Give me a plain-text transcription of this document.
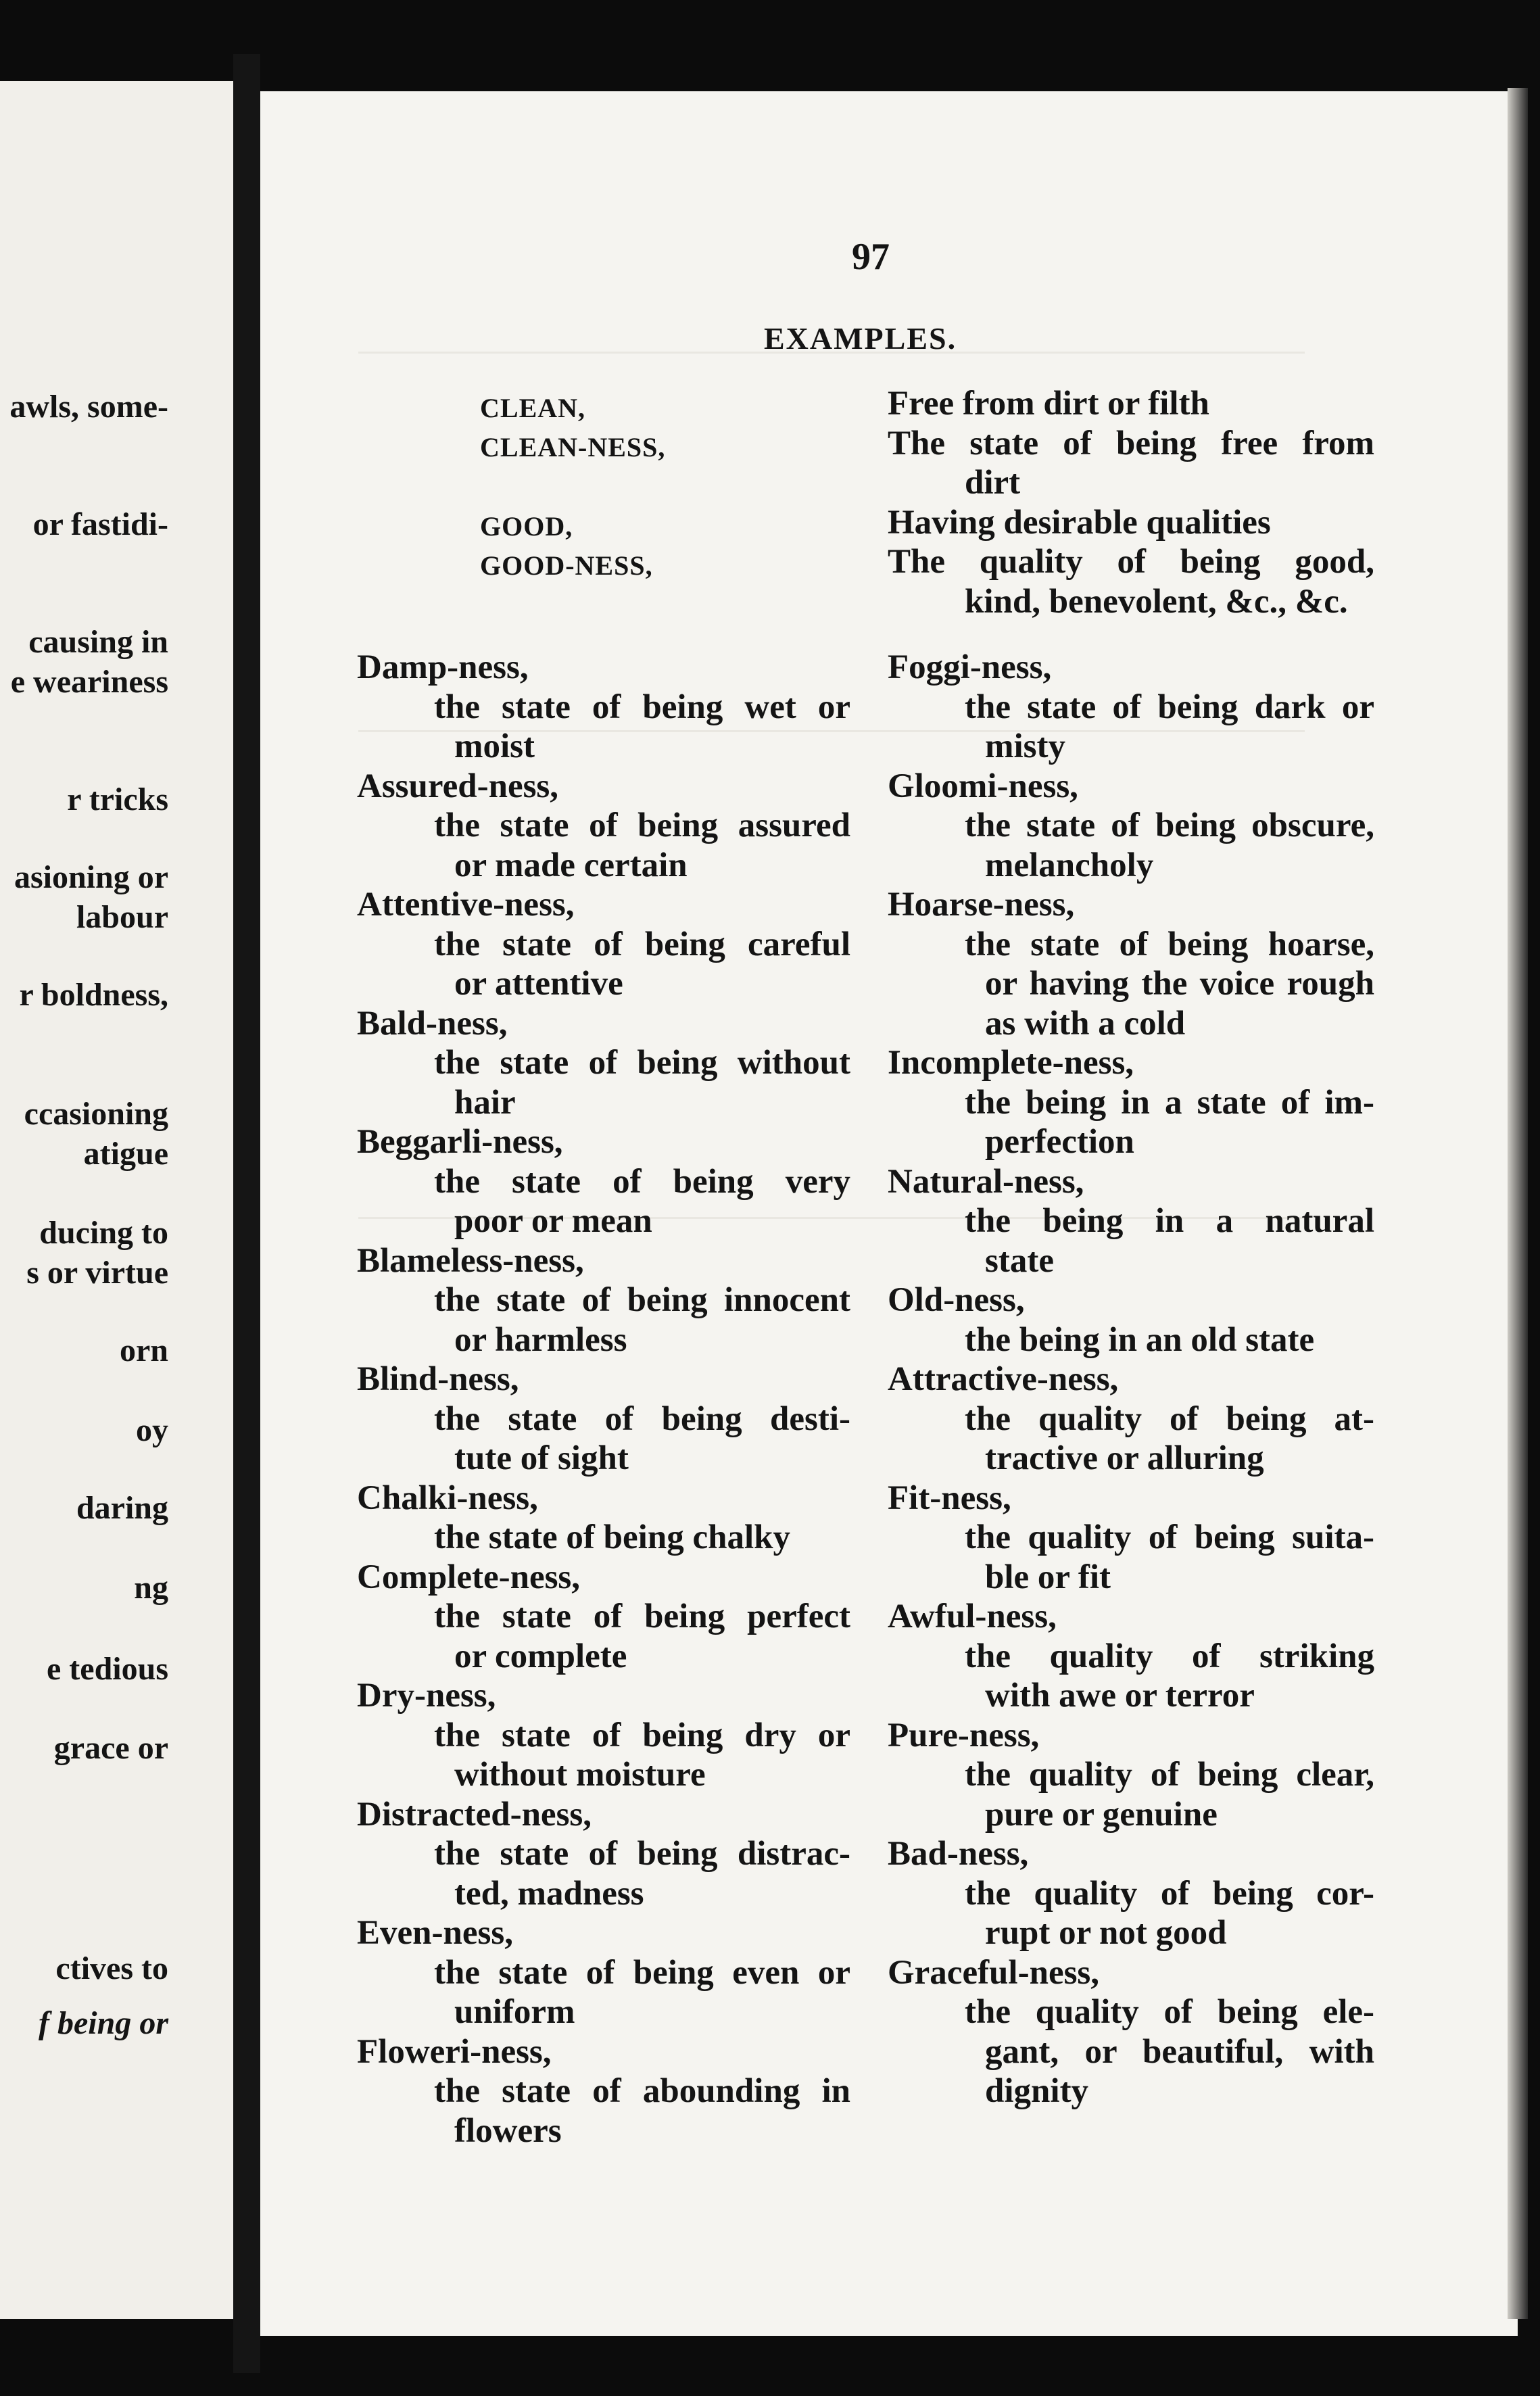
awls, some-
or fastidi-
causing in
e weariness
r tricks
asioning or
labour
r boldness,
ccasioning
atigue
ducing to
s or virtue
orn
oy
daring
ng
e tedious
grace or
ctives to
f being or
97
EXAMPLES.
CLEAN,
CLEAN-NESS,
GOOD,
GOOD-NESS,
Free from dirt or filth
The state of being free from
dirt
Having desirable qualities
The quality of being good,
kind, benevolent, &c., &c.
Damp-ness,
the state of being wet or
moist
Assured-ness,
the state of being assured
or made certain
Attentive-ness,
the state of being careful
or attentive
Bald-ness,
the state of being without
hair
Beggarli-ness,
the state of being very
poor or mean
Blameless-ness,
the state of being innocent
or harmless
Blind-ness,
the state of being desti-
tute of sight
Chalki-ness,
the state of being chalky
Complete-ness,
the state of being perfect
or complete
Dry-ness,
the state of being dry or
without moisture
Distracted-ness,
the state of being distrac-
ted, madness
Even-ness,
the state of being even or
uniform
Floweri-ness,
the state of abounding in
flowers
Foggi-ness,
the state of being dark or
misty
Gloomi-ness,
the state of being obscure,
melancholy
Hoarse-ness,
the state of being hoarse,
or having the voice rough
as with a cold
Incomplete-ness,
the being in a state of im-
perfection
Natural-ness,
the being in a natural
state
Old-ness,
the being in an old state
Attractive-ness,
the quality of being at-
tractive or alluring
Fit-ness,
the quality of being suita-
ble or fit
Awful-ness,
the quality of striking
with awe or terror
Pure-ness,
the quality of being clear,
pure or genuine
Bad-ness,
the quality of being cor-
rupt or not good
Graceful-ness,
the quality of being ele-
gant, or beautiful, with
dignity
